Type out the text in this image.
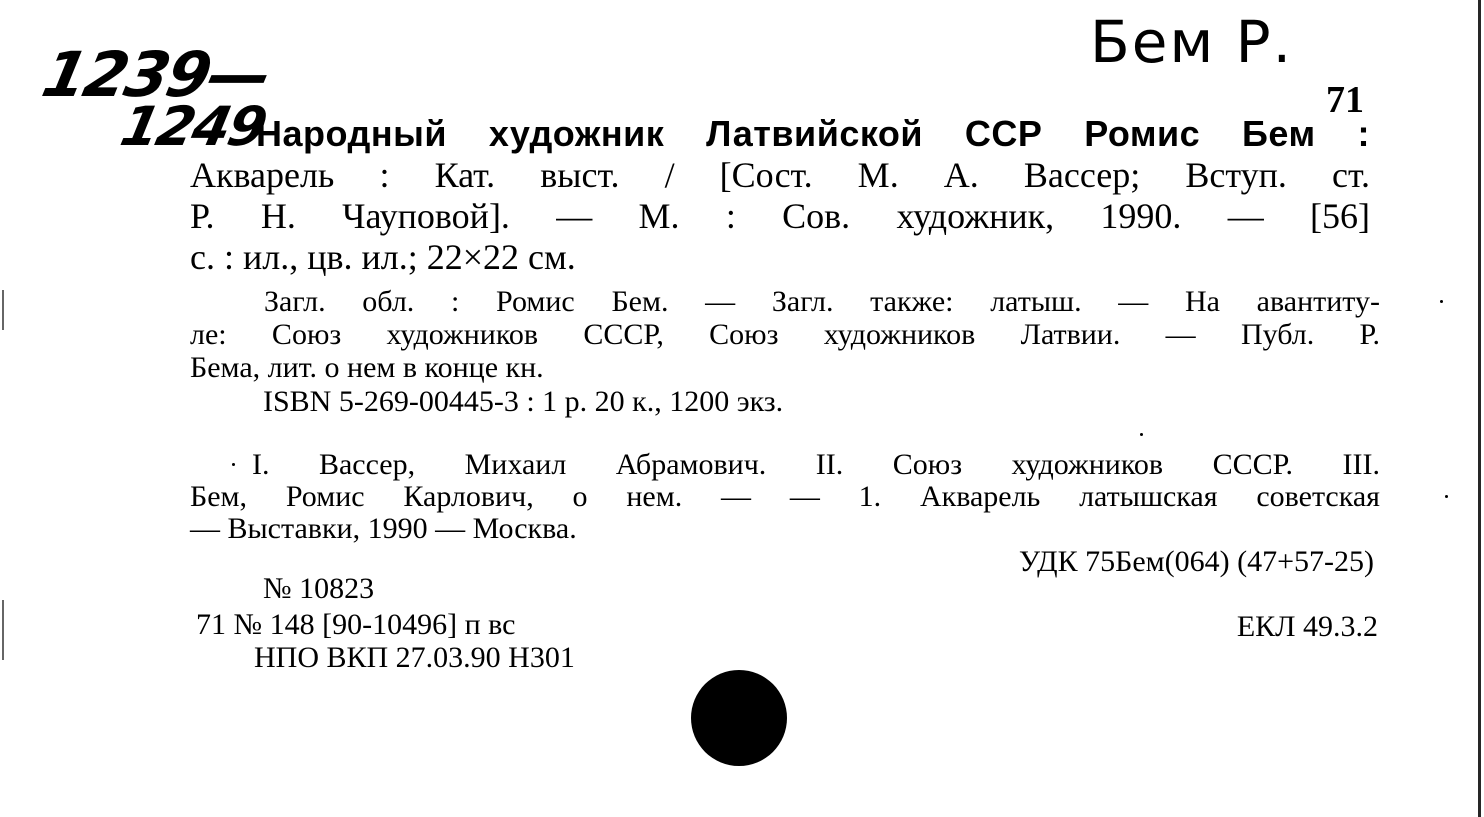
1239—
1249
Бем Р.
71
Народный художник Латвийской ССР Ромис Бем :
Акварель : Кат. выст. / [Сост. М. А. Вассер; Вступ. ст.
Р. Н. Чауповой]. — М. : Сов. художник, 1990. — [56]
с. : ил., цв. ил.; 22×22 см.
Загл. обл. : Ромис Бем. — Загл. также: латыш. — На авантиту-
ле: Союз художников СССР, Союз художников Латвии. — Публ. Р.
Бема, лит. о нем в конце кн.
ISBN 5-269-00445-3 : 1 р. 20 к., 1200 экз.
I. Вассер, Михаил Абрамович. II. Союз художников СССР. III.
Бем, Ромис Карлович, о нем. — — 1. Акварель латышская советская
— Выставки, 1990 — Москва.
УДК 75Бем(064) (47+57-25)
№ 10823
71 № 148 [90-10496] п вс
НПО ВКП 27.03.90 Н301
ЕКЛ 49.3.2
